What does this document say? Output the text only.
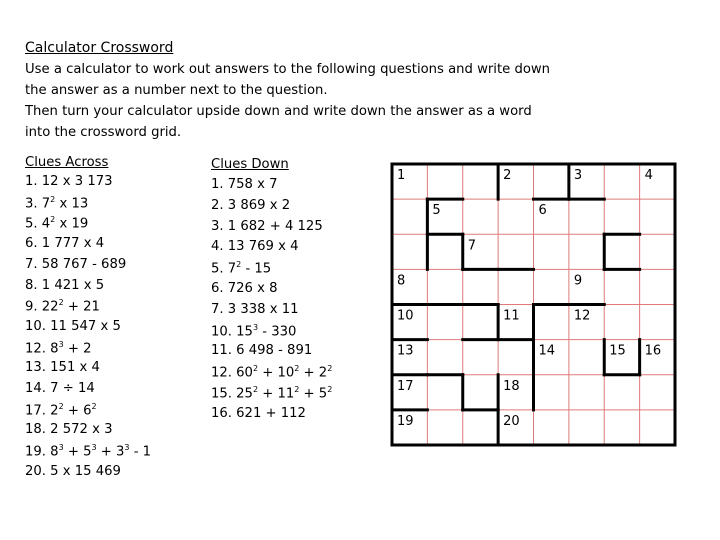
Calculator Crossword
Use a calculator to work out answers to the following questions and write down
the answer as a number next to the question.
Then turn your calculator upside down and write down the answer as a word
into the crossword grid.
Clues Across
1. 12 x 3 173
3. $7^2$ x 13
5. $4^2$ x 19
6. 1 777 x 4
7. 58 767 - 689
8. 1 421 x 5
9. $22^2 + 21$
10. 11 547 x 5
12. $8^3 + 2$
13. 151 x 4
14. 7 ÷ 14
17. $2^2 + 6^2$
18. 2 572 x 3
19. $8^3 + 5^3 + 3^3 - 1$
20. 5 x 15 469
Clues Down
1. 758 x 7
2. 3 869 x 2
3. 1 682 + 4 125
4. 13 769 x 4
5. $7^2 - 15$
6. 726 x 8
7. 3 338 x 11
10. $15^3 - 330$
11. 6 498 - 891
12. $60^2 + 10^2 + 2^2$
15. $25^2 + 11^2 + 5^2$
16. 621 + 112
1	2	3	4
5	6
7
8	9
10	11	12
13	14	15 16
17	18
19	20
